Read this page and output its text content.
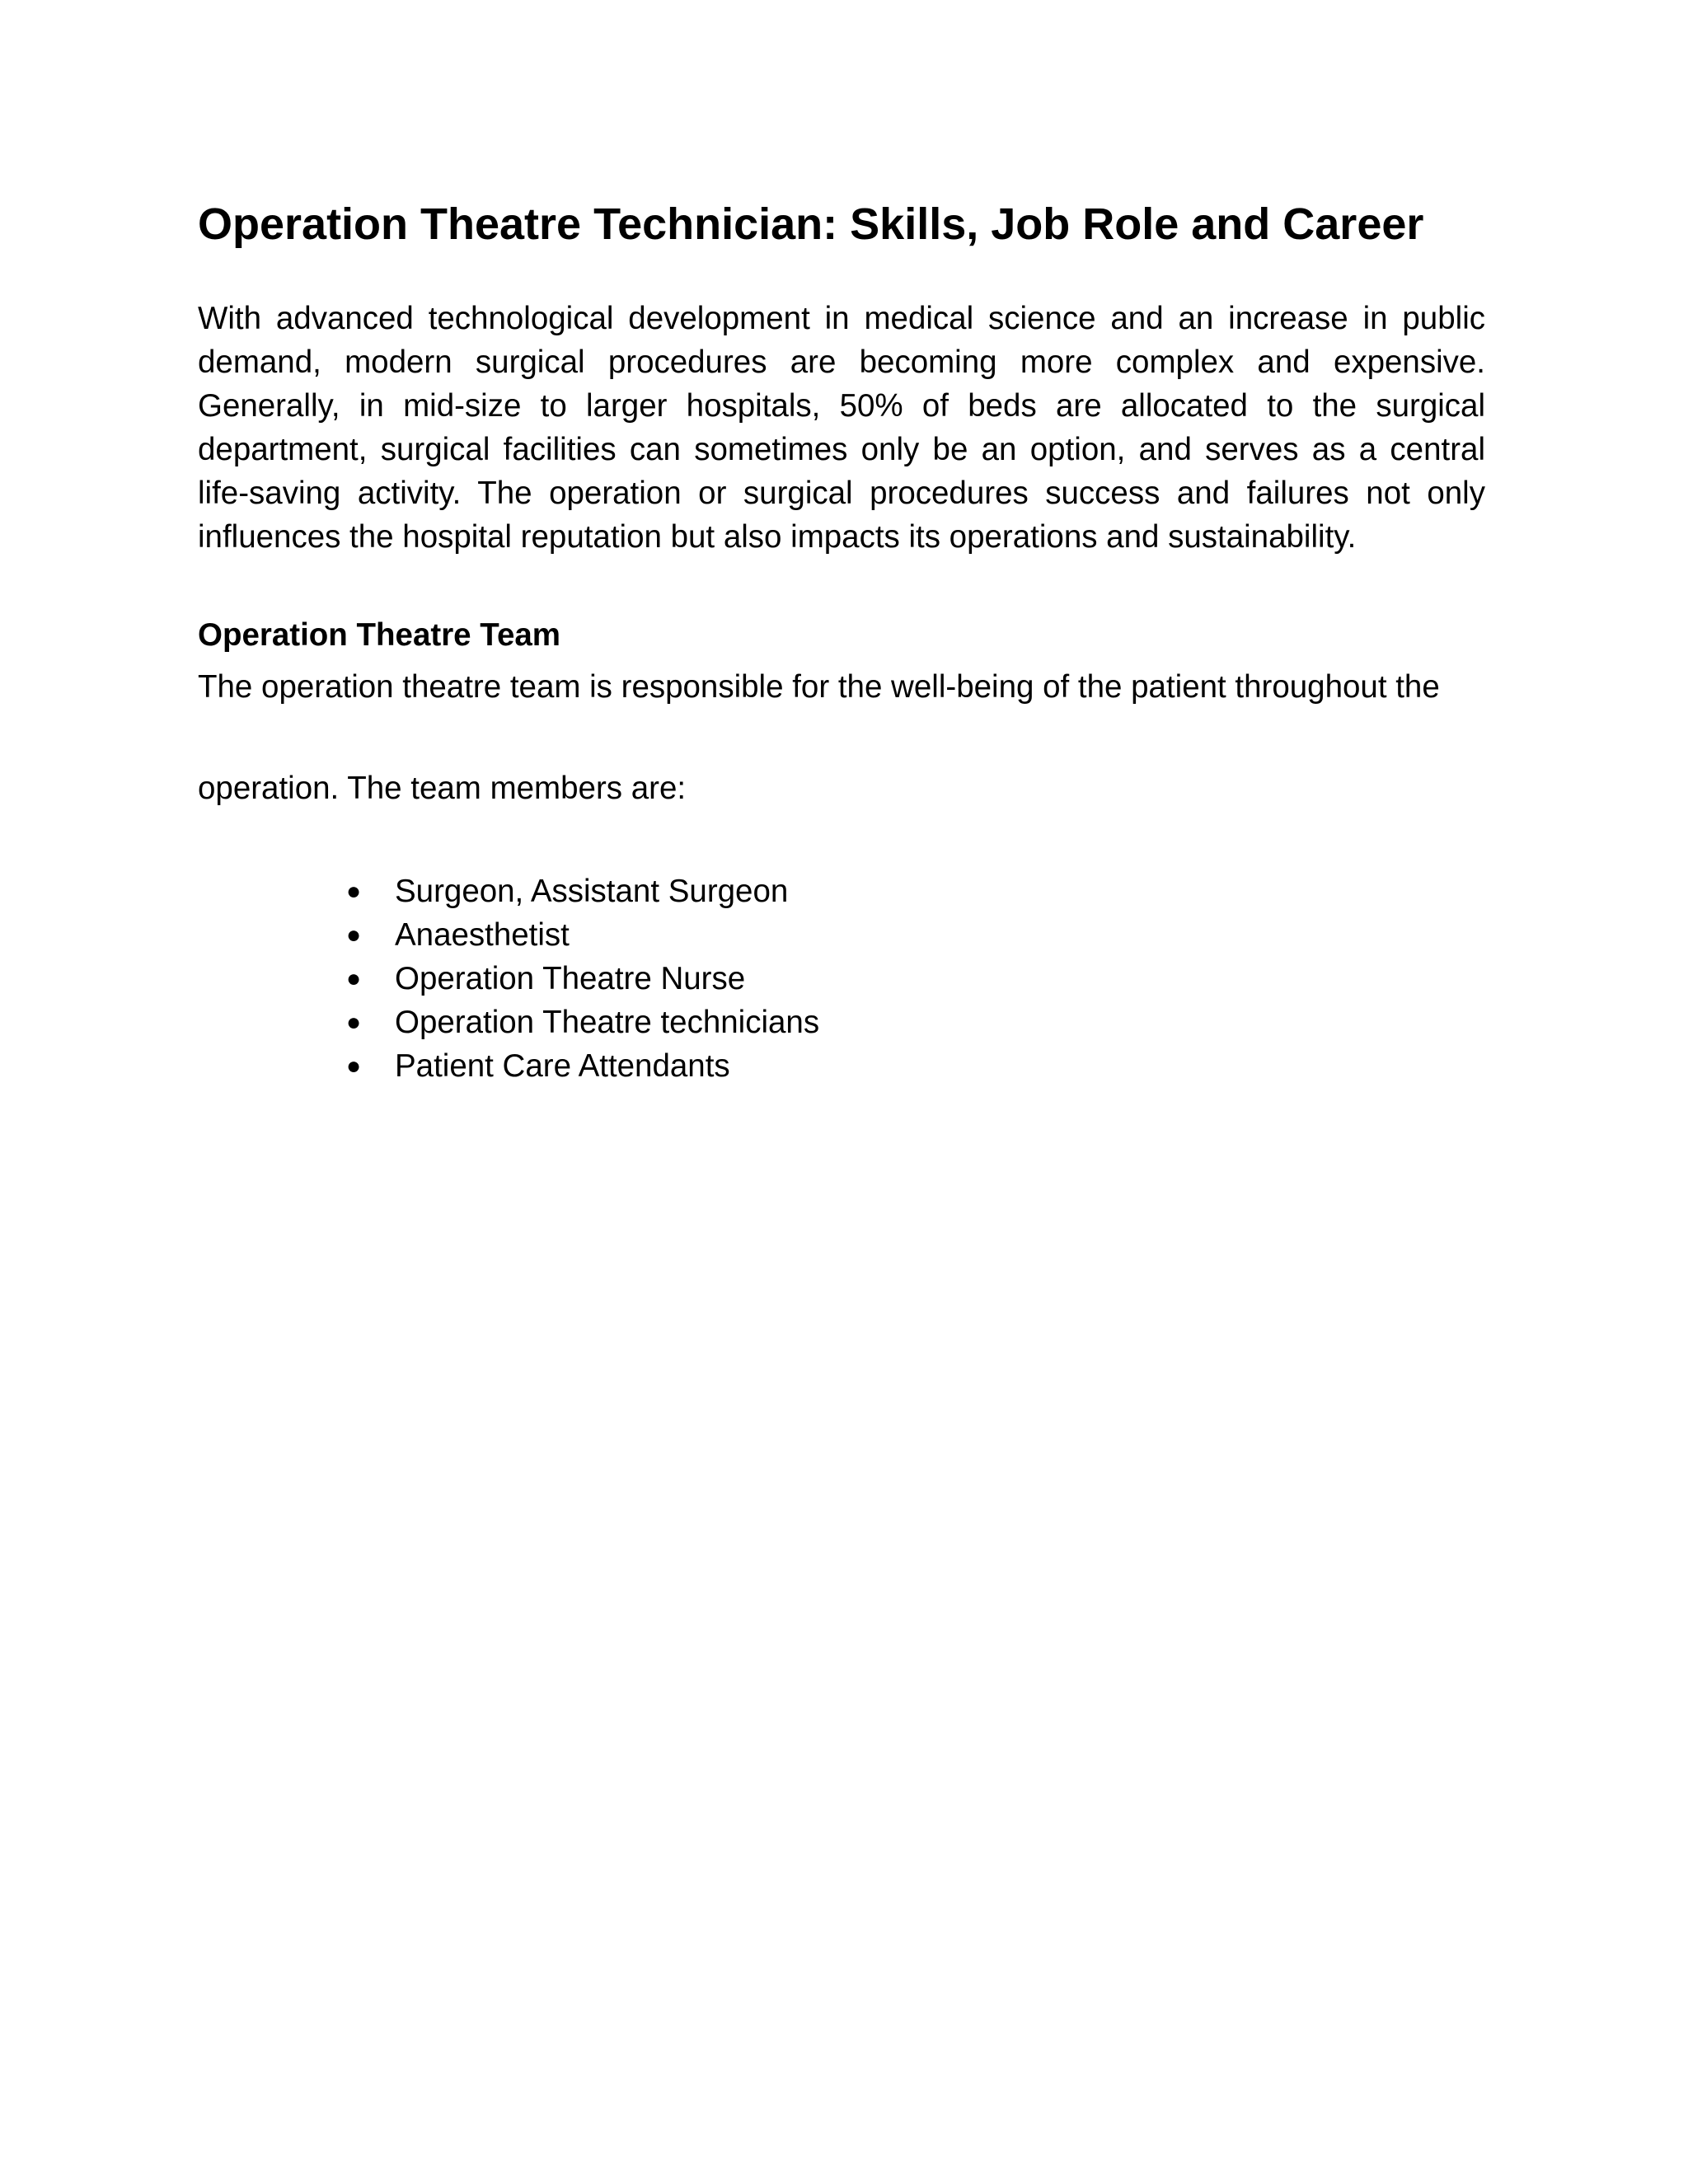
Operation Theatre Technician: Skills, Job Role and Career

With advanced technological development in medical science and an increase in public demand, modern surgical procedures are becoming more complex and expensive. Generally, in mid-size to larger hospitals, 50% of beds are allocated to the surgical department, surgical facilities can sometimes only be an option, and serves as a central life-saving activity. The operation or surgical procedures success and failures not only influences the hospital reputation but also impacts its operations and sustainability.

Operation Theatre Team

The operation theatre team is responsible for the well-being of the patient throughout the

operation. The team members are:

● Surgeon, Assistant Surgeon
● Anaesthetist
● Operation Theatre Nurse
● Operation Theatre technicians
● Patient Care Attendants
